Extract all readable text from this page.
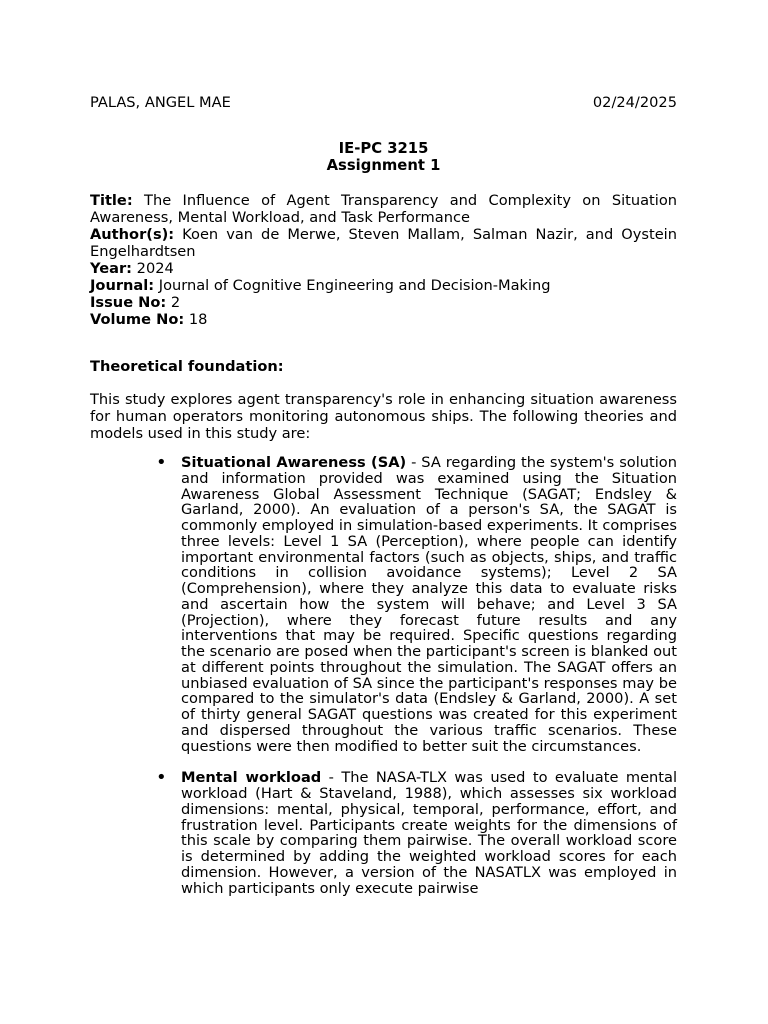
PALAS, ANGEL MAE	02/24/2025
IE-PC 3215
Assignment 1
Title: The Influence of Agent Transparency and Complexity on Situation Awareness, Mental Workload, and Task Performance
Author(s): Koen van de Merwe, Steven Mallam, Salman Nazir, and Oystein Engelhardtsen
Year: 2024
Journal: Journal of Cognitive Engineering and Decision-Making
Issue No: 2
Volume No: 18
Theoretical foundation:
This study explores agent transparency's role in enhancing situation awareness for human operators monitoring autonomous ships. The following theories and models used in this study are:
• Situational Awareness (SA) - SA regarding the system's solution and information provided was examined using the Situation Awareness Global Assessment Technique (SAGAT; Endsley & Garland, 2000). An evaluation of a person's SA, the SAGAT is commonly employed in simulation-based experiments. It comprises three levels: Level 1 SA (Perception), where people can identify important environmental factors (such as objects, ships, and traffic conditions in collision avoidance systems); Level 2 SA (Comprehension), where they analyze this data to evaluate risks and ascertain how the system will behave; and Level 3 SA (Projection), where they forecast future results and any interventions that may be required. Specific questions regarding the scenario are posed when the participant's screen is blanked out at different points throughout the simulation. The SAGAT offers an unbiased evaluation of SA since the participant's responses may be compared to the simulator's data (Endsley & Garland, 2000). A set of thirty general SAGAT questions was created for this experiment and dispersed throughout the various traffic scenarios. These questions were then modified to better suit the circumstances.
• Mental workload - The NASA-TLX was used to evaluate mental workload (Hart & Staveland, 1988), which assesses six workload dimensions: mental, physical, temporal, performance, effort, and frustration level. Participants create weights for the dimensions of this scale by comparing them pairwise. The overall workload score is determined by adding the weighted workload scores for each dimension. However, a version of the NASATLX was employed in which participants only execute pairwise
